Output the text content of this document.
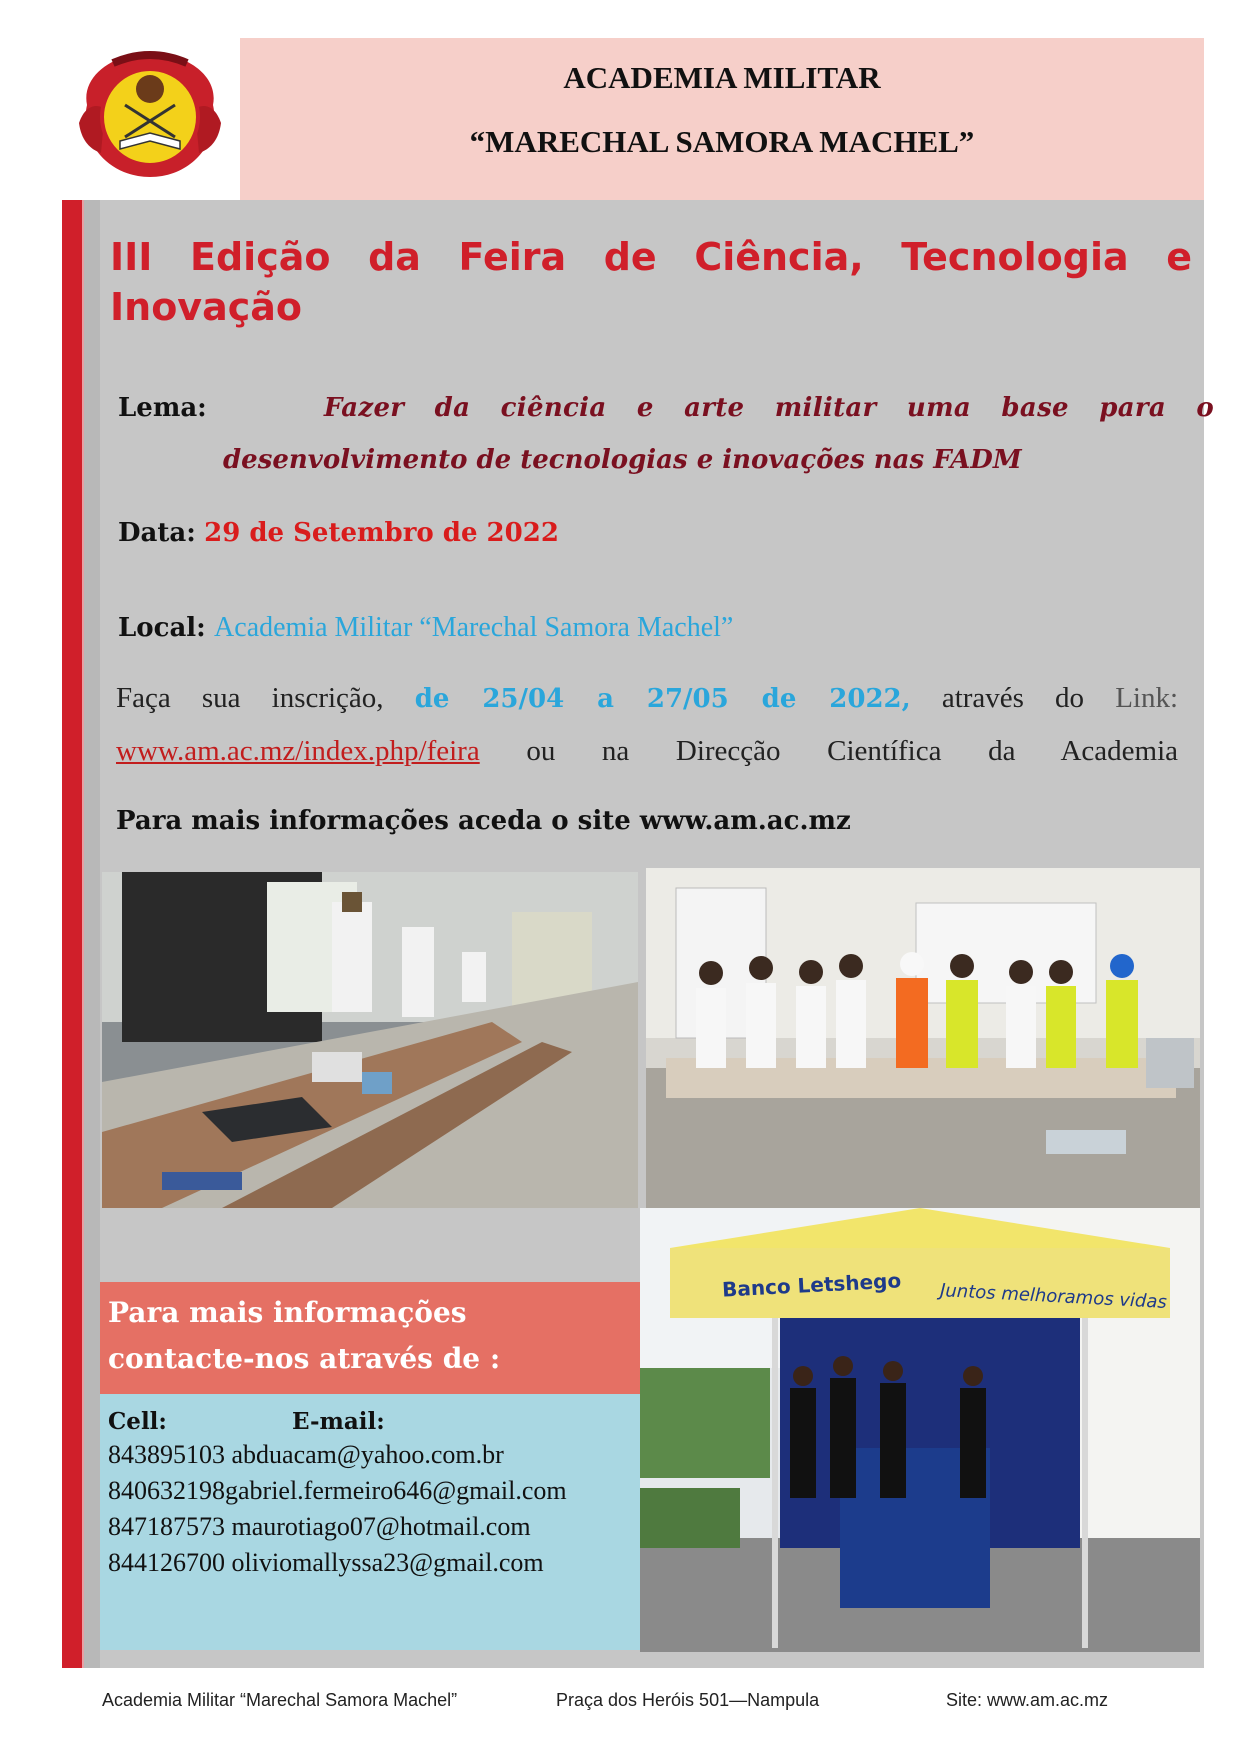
ACADEMIA MILITAR
“MARECHAL SAMORA MACHEL”
III Edição da Feira de Ciência, Tecnologia e Inovação
Lema:	Fazer da ciência e arte militar uma base para o
desenvolvimento de tecnologias e inovações nas FADM
Data: 29 de Setembro de 2022
Local: Academia Militar “Marechal Samora Machel”
Faça sua inscrição, de 25/04 a 27/05 de 2022, através do Link:
www.am.ac.mz/index.php/feira ou na Direcção Científica da Academia
Para mais informações aceda o site www.am.ac.mz
Banco Letshego Juntos melhoramos vidas
Para mais informações
contacte-nos através de :
Cell:	E-mail:
843895103 abduacam@yahoo.com.br
840632198gabriel.fermeiro646@gmail.com
847187573 maurotiago07@hotmail.com
844126700 oliviomallyssa23@gmail.com
Academia Militar “Marechal Samora Machel”	Praça dos Heróis 501—Nampula	Site: www.am.ac.mz
